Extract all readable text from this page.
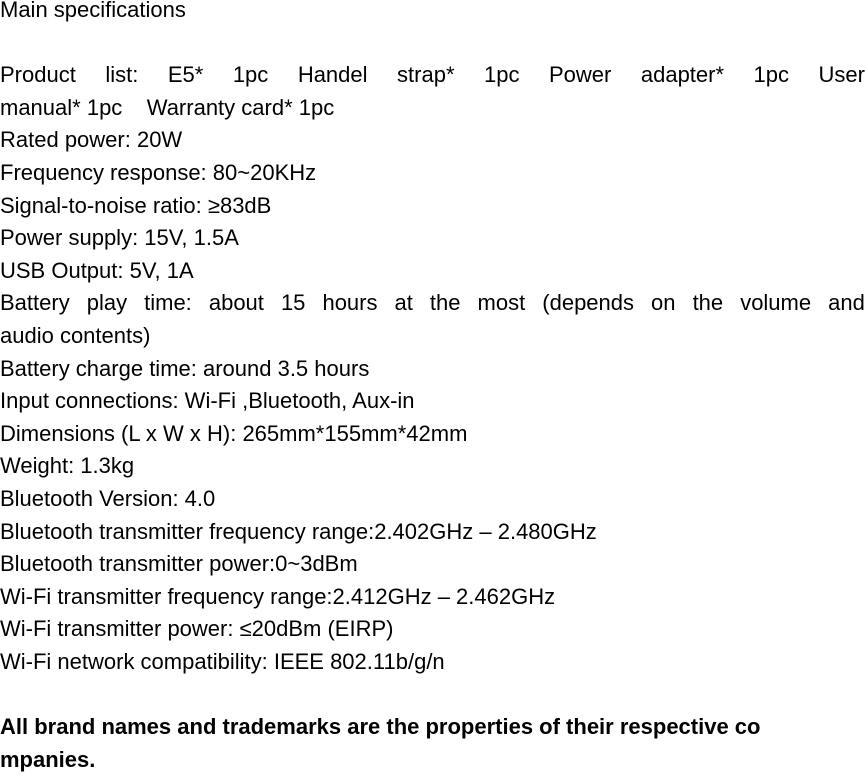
Main specifications
Product list: E5* 1pc Handel strap* 1pc Power adapter* 1pc User
manual* 1pc    Warranty card* 1pc
Rated power: 20W
Frequency response: 80~20KHz
Signal-to-noise ratio: ≥83dB
Power supply: 15V, 1.5A
USB Output: 5V, 1A
Battery play time: about 15 hours at the most (depends on the volume and
audio contents)
Battery charge time: around 3.5 hours
Input connections: Wi-Fi ,Bluetooth, Aux-in
Dimensions (L x W x H): 265mm*155mm*42mm
Weight: 1.3kg
Bluetooth Version: 4.0
Bluetooth transmitter frequency range:2.402GHz – 2.480GHz
Bluetooth transmitter power:0~3dBm
Wi-Fi transmitter frequency range:2.412GHz – 2.462GHz
Wi-Fi transmitter power: ≤20dBm (EIRP)
Wi-Fi network compatibility: IEEE 802.11b/g/n
All brand names and trademarks are the properties of their respective co
mpanies.
